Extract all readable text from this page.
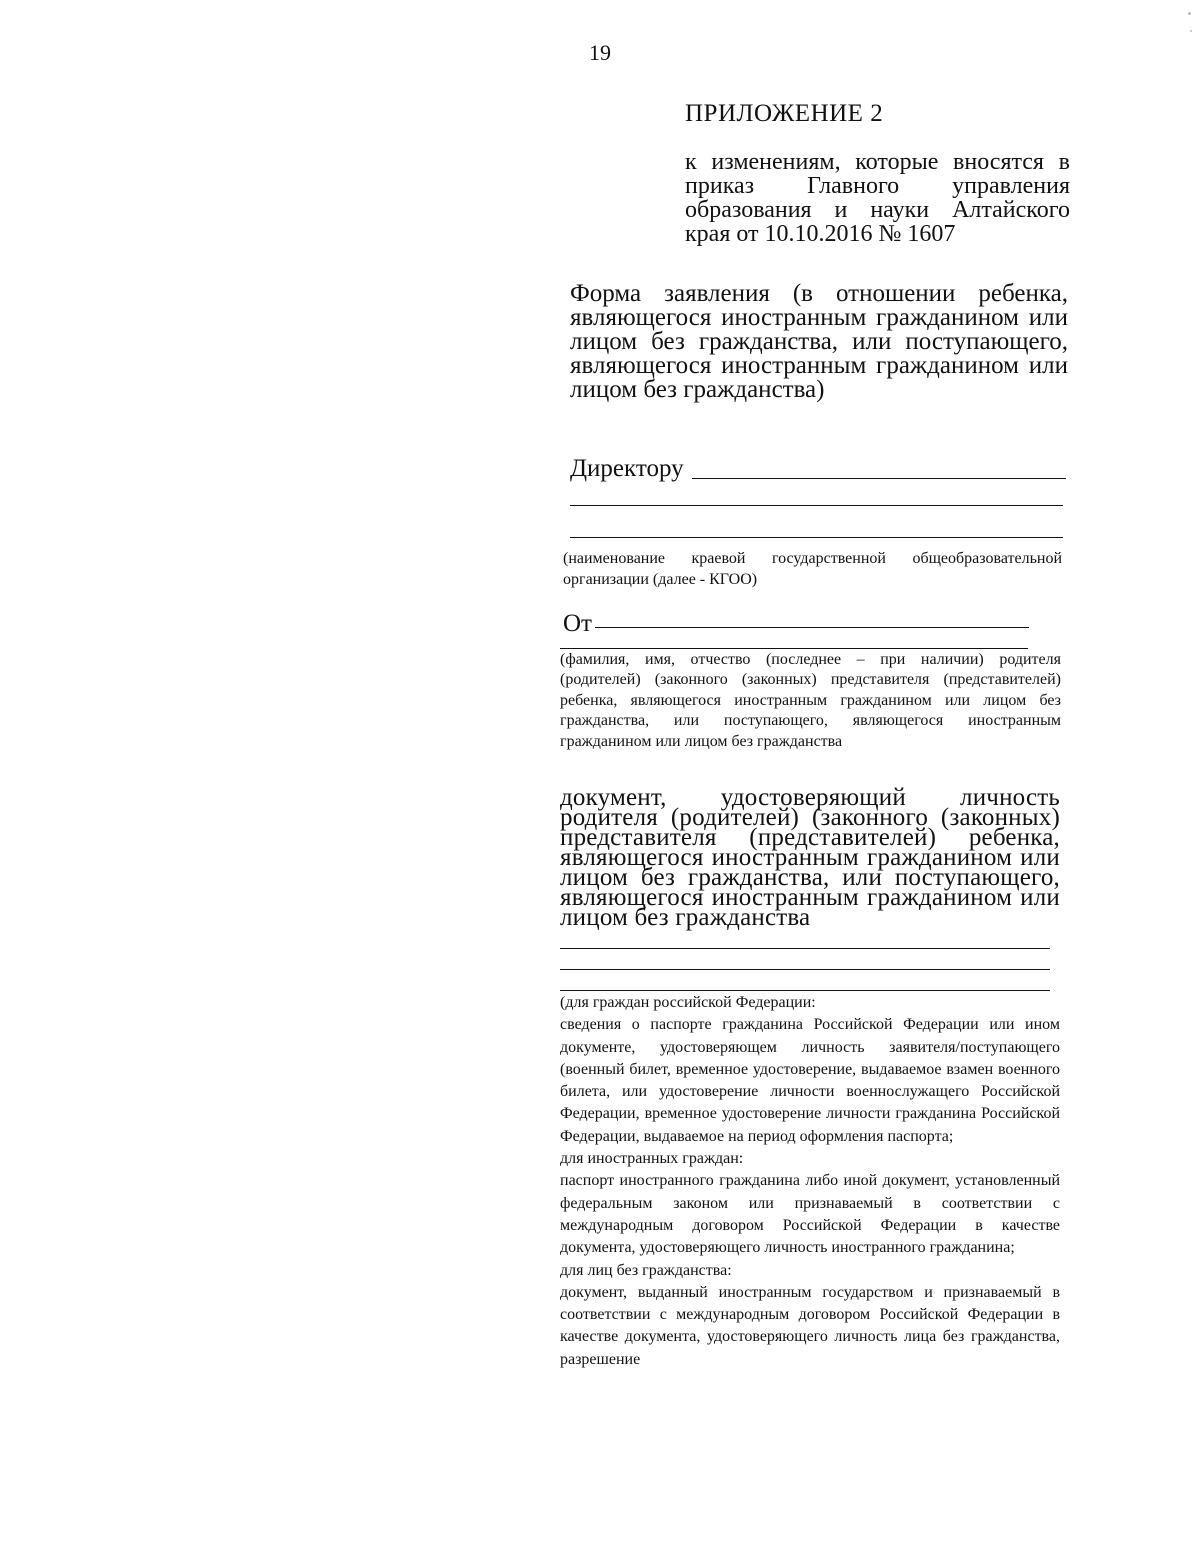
19
ПРИЛОЖЕНИЕ 2
к изменениям, которые вносятся в приказ Главного управления образования и науки Алтайского края от 10.10.2016 № 1607
Форма заявления (в отношении ребенка, являющегося иностранным гражданином или лицом без гражданства, или поступающего, являющегося иностранным гражданином или лицом без гражданства)
Директору
(наименование краевой государственной общеобразовательной организации (далее - КГОО)
От
(фамилия, имя, отчество (последнее – при наличии) родителя (родителей) (законного (законных) представителя (представителей) ребенка, являющегося иностранным гражданином или лицом без гражданства, или поступающего, являющегося иностранным гражданином или лицом без гражданства
документ, удостоверяющий личность родителя (родителей) (законного (законных) представителя (представителей) ребенка, являющегося иностранным гражданином или лицом без гражданства, или поступающего, являющегося иностранным гражданином или лицом без гражданства

(для граждан российской Федерации:

сведения о паспорте гражданина Российской Федерации или ином документе, удостоверяющем личность заявителя/поступающего (военный билет, временное удостоверение, выдаваемое взамен военного билета, или удостоверение личности военнослужащего Российской Федерации, временное удостоверение личности гражданина Российской Федерации, выдаваемое на период оформления паспорта;

для иностранных граждан:

паспорт иностранного гражданина либо иной документ, установленный федеральным законом или признаваемый в соответствии с международным договором Российской Федерации в качестве документа, удостоверяющего личность иностранного гражданина;

для лиц без гражданства:

документ, выданный иностранным государством и признаваемый в соответствии с международным договором Российской Федерации в качестве документа, удостоверяющего личность лица без гражданства, разрешение
